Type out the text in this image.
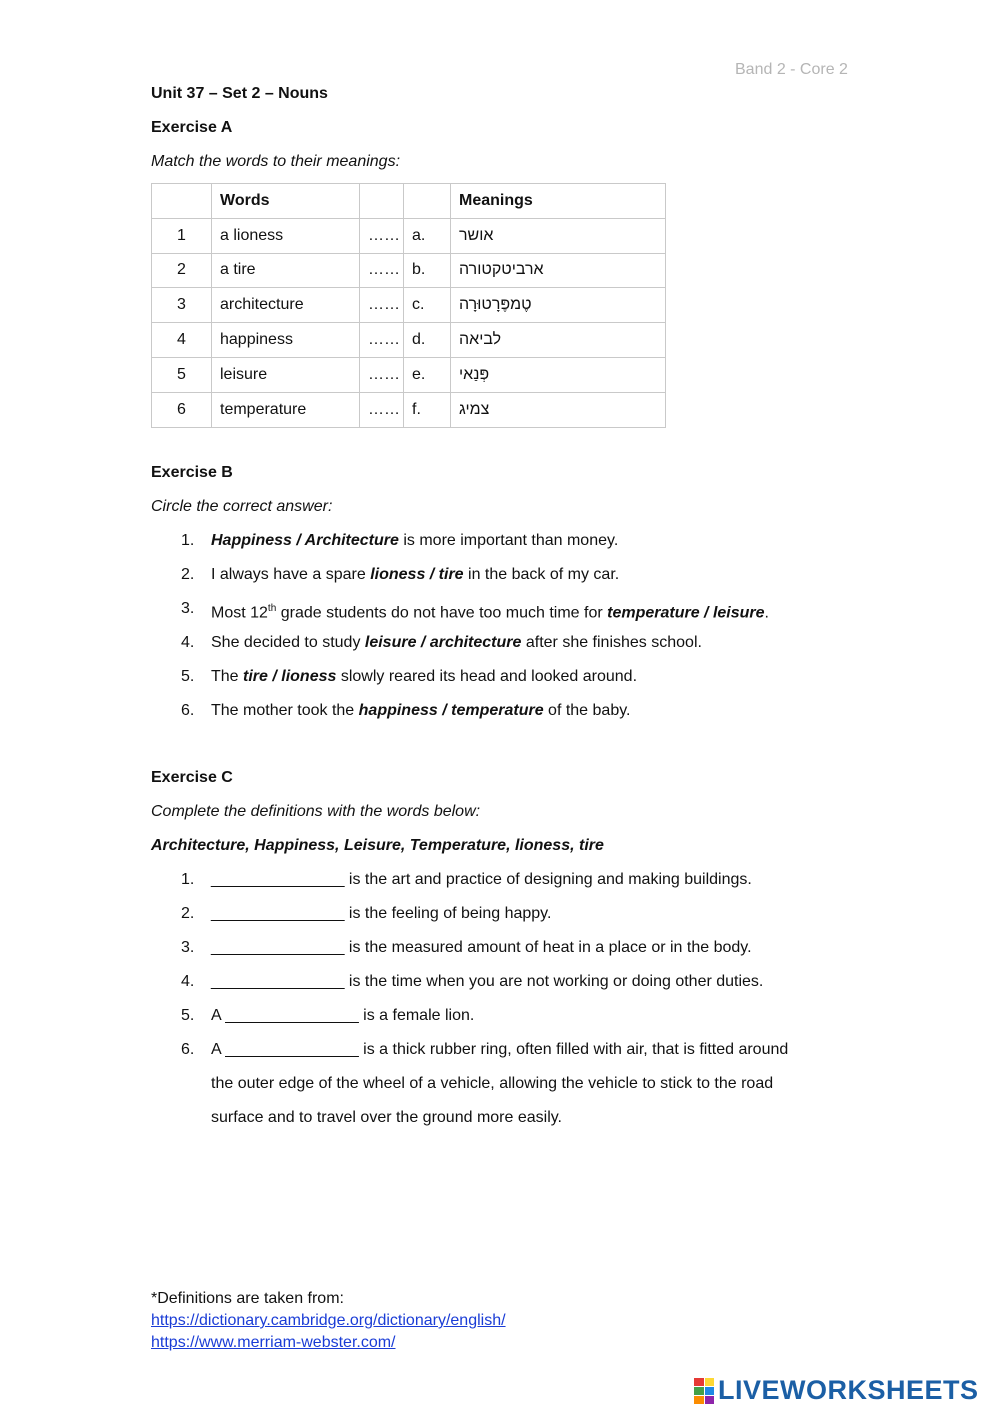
Band 2 - Core 2
Unit 37 – Set 2 – Nouns
Exercise A
Match the words to their meanings:
	Words			Meanings
1	a lioness	……	a.	אושר
2	a tire	……	b.	ארביטקטורה
3	architecture	……	c.	טֶמפֶּרָטוּרָה
4	happiness	……	d.	לביאה
5	leisure	……	e.	פְּנַאי
6	temperature	……	f.	צמיג
Exercise B
Circle the correct answer:
1.	Happiness / Architecture is more important than money.
2.	I always have a spare lioness / tire in the back of my car.
3.	Most 12th grade students do not have too much time for temperature / leisure.
4.	She decided to study leisure / architecture after she finishes school.
5.	The tire / lioness slowly reared its head and looked around.
6.	The mother took the happiness / temperature of the baby.
Exercise C
Complete the definitions with the words below:
Architecture, Happiness, Leisure, Temperature, lioness, tire
1.	_______________ is the art and practice of designing and making buildings.
2.	_______________ is the feeling of being happy.
3.	_______________ is the measured amount of heat in a place or in the body.
4.	_______________ is the time when you are not working or doing other duties.
5.	A _______________ is a female lion.
6.	A _______________ is a thick rubber ring, often filled with air, that is fitted around
the outer edge of the wheel of a vehicle, allowing the vehicle to stick to the road
surface and to travel over the ground more easily.
*Definitions are taken from:
https://dictionary.cambridge.org/dictionary/english/
https://www.merriam-webster.com/
LIVEWORKSHEETS
